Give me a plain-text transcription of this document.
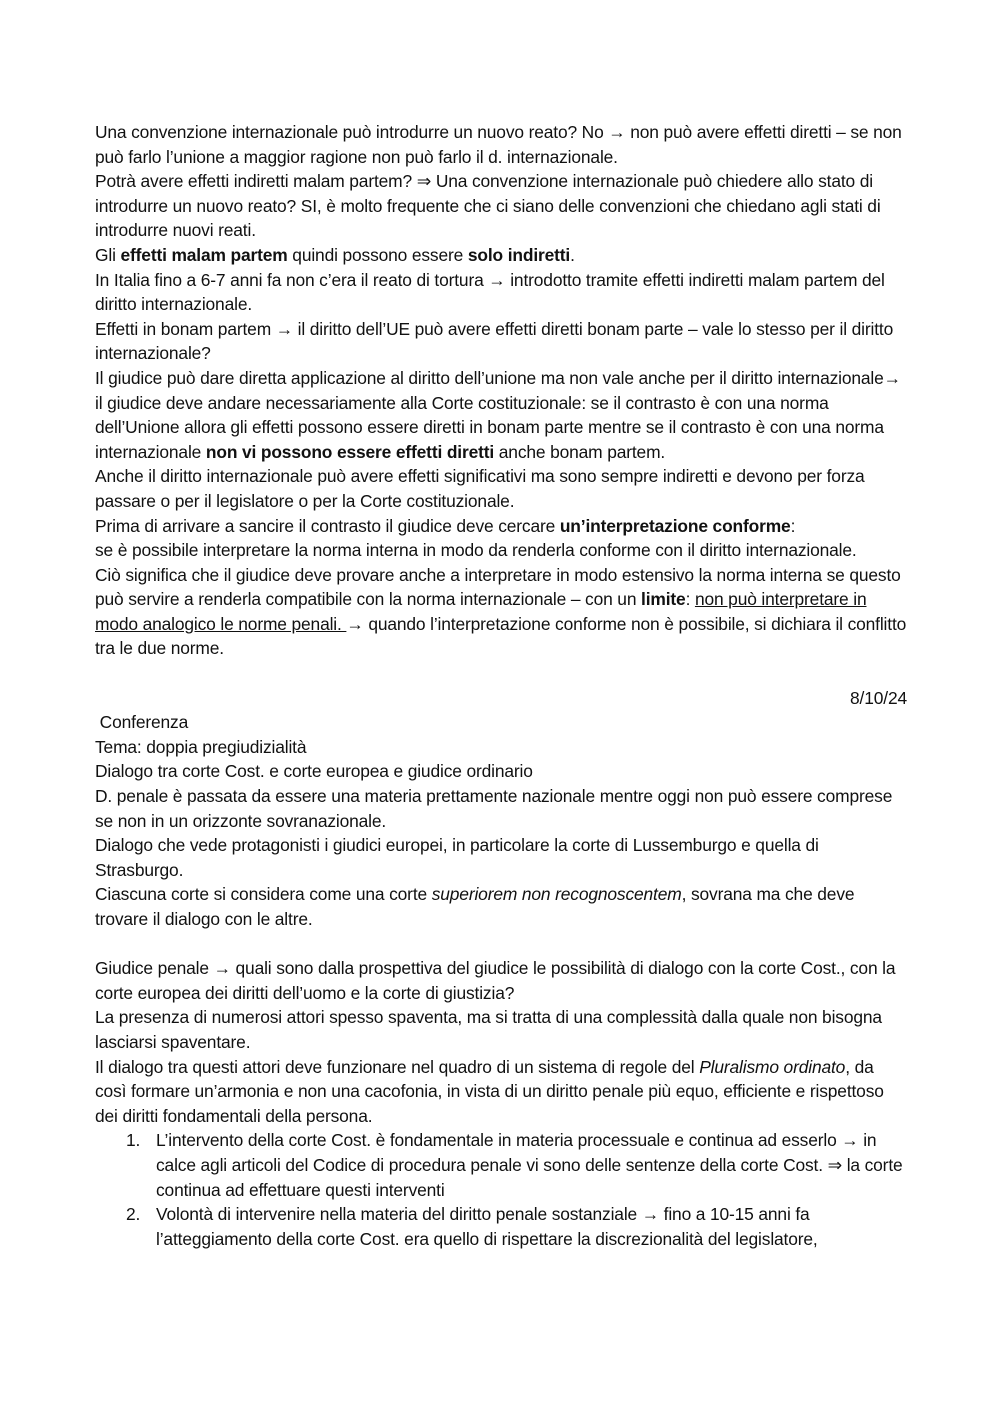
Una convenzione internazionale può introdurre un nuovo reato? No → non può avere effetti diretti – se non può farlo l’unione a maggior ragione non può farlo il d. internazionale.

Potrà avere effetti indiretti malam partem? ⇒ Una convenzione internazionale può chiedere allo stato di introdurre un nuovo reato? SI, è molto frequente che ci siano delle convenzioni che chiedano agli stati di introdurre nuovi reati.

Gli effetti malam partem quindi possono essere solo indiretti.

In Italia fino a 6-7 anni fa non c’era il reato di tortura → introdotto tramite effetti indiretti malam partem del diritto internazionale.

Effetti in bonam partem → il diritto dell’UE può avere effetti diretti bonam parte – vale lo stesso per il diritto internazionale?

Il giudice può dare diretta applicazione al diritto dell’unione ma non vale anche per il diritto internazionale→ il giudice deve andare necessariamente alla Corte costituzionale: se il contrasto è con una norma dell’Unione allora gli effetti possono essere diretti in bonam parte mentre se il contrasto è con una norma internazionale non vi possono essere effetti diretti anche bonam partem.

Anche il diritto internazionale può avere effetti significativi ma sono sempre indiretti e devono per forza passare o per il legislatore o per la Corte costituzionale.

Prima di arrivare a sancire il contrasto il giudice deve cercare un’interpretazione conforme:

se è possibile interpretare la norma interna in modo da renderla conforme con il diritto internazionale.

Ciò significa che il giudice deve provare anche a interpretare in modo estensivo la norma interna se questo può servire a renderla compatibile con la norma internazionale – con un limite: non può interpretare in modo analogico le norme penali. → quando l’interpretazione conforme non è possibile, si dichiara il conflitto tra le due norme.

8/10/24

Conferenza

Tema: doppia pregiudizialità

Dialogo tra corte Cost. e corte europea e giudice ordinario

D. penale è passata da essere una materia prettamente nazionale mentre oggi non può essere comprese se non in un orizzonte sovranazionale.

Dialogo che vede protagonisti i giudici europei, in particolare la corte di Lussemburgo e quella di Strasburgo.

Ciascuna corte si considera come una corte superiorem non recognoscentem, sovrana ma che deve trovare il dialogo con le altre.

Giudice penale → quali sono dalla prospettiva del giudice le possibilità di dialogo con la corte Cost., con la corte europea dei diritti dell’uomo e la corte di giustizia?

La presenza di numerosi attori spesso spaventa, ma si tratta di una complessità dalla quale non bisogna lasciarsi spaventare.

Il dialogo tra questi attori deve funzionare nel quadro di un sistema di regole del Pluralismo ordinato, da così formare un’armonia e non una cacofonia, in vista di un diritto penale più equo, efficiente e rispettoso dei diritti fondamentali della persona.

1. L’intervento della corte Cost. è fondamentale in materia processuale e continua ad esserlo → in calce agli articoli del Codice di procedura penale vi sono delle sentenze della corte Cost. ⇒ la corte continua ad effettuare questi interventi
2. Volontà di intervenire nella materia del diritto penale sostanziale → fino a 10-15 anni fa l’atteggiamento della corte Cost. era quello di rispettare la discrezionalità del legislatore,
